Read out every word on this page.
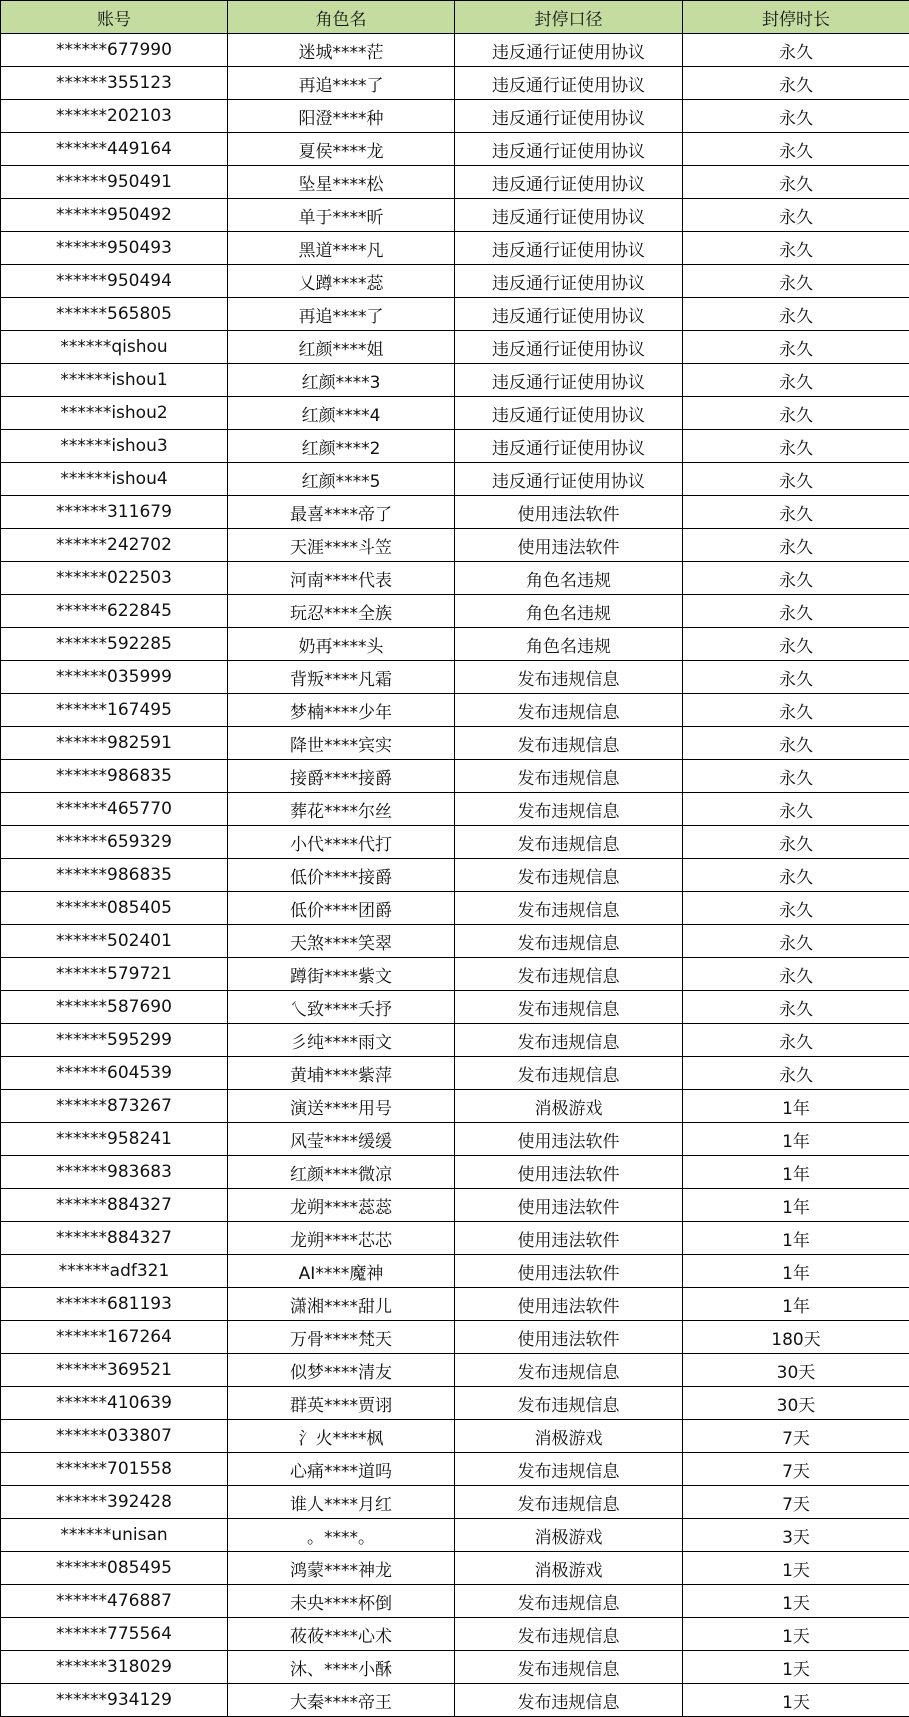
账号	角色名	封停口径	封停时长
******677990	迷城****茫	违反通行证使用协议	永久
******355123	再追****了	违反通行证使用协议	永久
******202103	阳澄****种	违反通行证使用协议	永久
******449164	夏侯****龙	违反通行证使用协议	永久
******950491	坠星****松	违反通行证使用协议	永久
******950492	单于****昕	违反通行证使用协议	永久
******950493	黑道****凡	违反通行证使用协议	永久
******950494	乂蹲****蕊	违反通行证使用协议	永久
******565805	再追****了	违反通行证使用协议	永久
******qishou	红颜****姐	违反通行证使用协议	永久
******ishou1	红颜****3	违反通行证使用协议	永久
******ishou2	红颜****4	违反通行证使用协议	永久
******ishou3	红颜****2	违反通行证使用协议	永久
******ishou4	红颜****5	违反通行证使用协议	永久
******311679	最喜****帝了	使用违法软件	永久
******242702	天涯****斗笠	使用违法软件	永久
******022503	河南****代表	角色名违规	永久
******622845	玩忍****全族	角色名违规	永久
******592285	奶再****头	角色名违规	永久
******035999	背叛****凡霜	发布违规信息	永久
******167495	梦楠****少年	发布违规信息	永久
******982591	降世****宾实	发布违规信息	永久
******986835	接爵****接爵	发布违规信息	永久
******465770	葬花****尔丝	发布违规信息	永久
******659329	小代****代打	发布违规信息	永久
******986835	低价****接爵	发布违规信息	永久
******085405	低价****团爵	发布违规信息	永久
******502401	天煞****笑翠	发布违规信息	永久
******579721	蹲街****紫文	发布违规信息	永久
******587690	乀致****夭抒	发布违规信息	永久
******595299	彡纯****雨文	发布违规信息	永久
******604539	黄埔****紫萍	发布违规信息	永久
******873267	演送****用号	消极游戏	1年
******958241	风莹****缓缓	使用违法软件	1年
******983683	红颜****微凉	使用违法软件	1年
******884327	龙朔****蕊蕊	使用违法软件	1年
******884327	龙朔****芯芯	使用违法软件	1年
******adf321	AI****魔神	使用违法软件	1年
******681193	潇湘****甜儿	使用违法软件	1年
******167264	万骨****梵天	使用违法软件	180天
******369521	似梦****清友	发布违规信息	30天
******410639	群英****贾诩	发布违规信息	30天
******033807	氵火****枫	消极游戏	7天
******701558	心痛****道吗	发布违规信息	7天
******392428	谁人****月红	发布违规信息	7天
******unisan	。****。	消极游戏	3天
******085495	鸿蒙****神龙	消极游戏	1天
******476887	未央****杯倒	发布违规信息	1天
******775564	莜莜****心术	发布违规信息	1天
******318029	沐、****小酥	发布违规信息	1天
******934129	大秦****帝王	发布违规信息	1天
